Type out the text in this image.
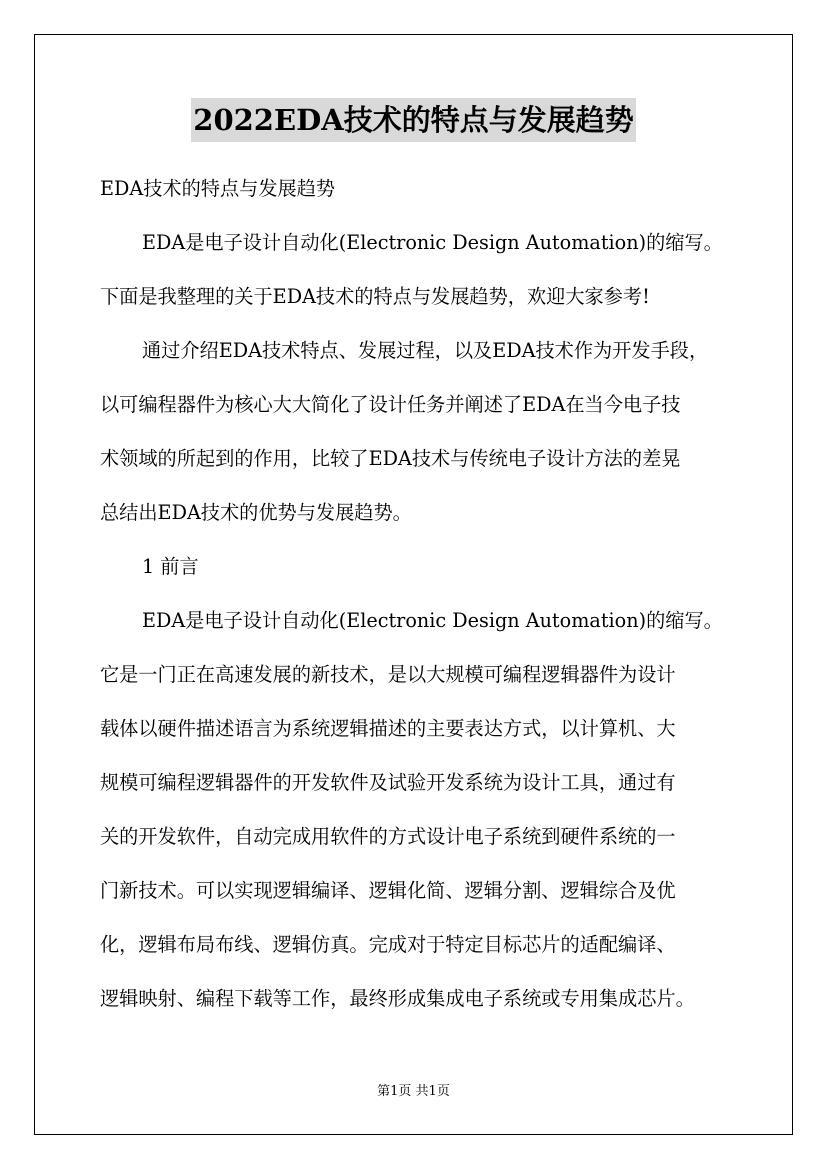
2022EDA技术的特点与发展趋势
EDA技术的特点与发展趋势
EDA是电子设计自动化(Electronic Design Automation)的缩写。
下面是我整理的关于EDA技术的特点与发展趋势，欢迎大家参考!
通过介绍EDA技术特点、发展过程，以及EDA技术作为开发手段，
以可编程器件为核心大大简化了设计任务并阐述了EDA在当今电子技
术领域的所起到的作用，比较了EDA技术与传统电子设计方法的差晃
总结出EDA技术的优势与发展趋势。
1 前言
EDA是电子设计自动化(Electronic Design Automation)的缩写。
它是一门正在高速发展的新技术，是以大规模可编程逻辑器件为设计
载体以硬件描述语言为系统逻辑描述的主要表达方式，以计算机、大
规模可编程逻辑器件的开发软件及试验开发系统为设计工具，通过有
关的开发软件，自动完成用软件的方式设计电子系统到硬件系统的一
门新技术。可以实现逻辑编译、逻辑化简、逻辑分割、逻辑综合及优
化，逻辑布局布线、逻辑仿真。完成对于特定目标芯片的适配编译、
逻辑映射、编程下载等工作，最终形成集成电子系统或专用集成芯片。
第1页 共1页
